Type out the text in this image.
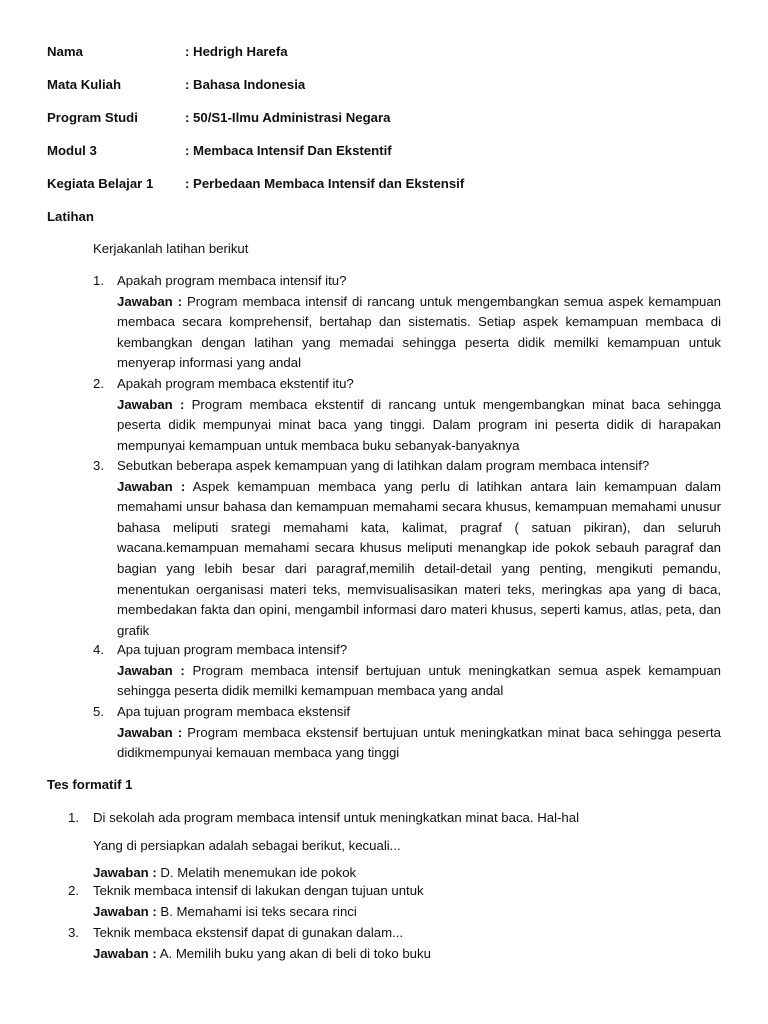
Nama	: Hedrigh Harefa
Mata Kuliah	: Bahasa Indonesia
Program Studi	: 50/S1-Ilmu Administrasi Negara
Modul 3	: Membaca Intensif Dan Ekstentif
Kegiata Belajar 1 : Perbedaan Membaca Intensif dan Ekstensif
Latihan
Kerjakanlah latihan berikut
1. Apakah program membaca intensif itu?
Jawaban : Program membaca intensif di rancang untuk mengembangkan semua aspek kemampuan membaca secara komprehensif, bertahap dan sistematis. Setiap aspek kemampuan membaca di kembangkan dengan latihan yang memadai sehingga peserta didik memilki kemampuan untuk menyerap informasi yang andal
2. Apakah program membaca ekstentif itu?
Jawaban : Program membaca ekstentif di rancang untuk mengembangkan minat baca sehingga peserta didik mempunyai minat baca yang tinggi. Dalam program ini peserta didik di harapakan mempunyai kemampuan untuk membaca buku sebanyak-banyaknya
3. Sebutkan beberapa aspek kemampuan yang di latihkan dalam program membaca intensif?
Jawaban : Aspek kemampuan membaca yang perlu di latihkan antara lain kemampuan dalam memahami unsur bahasa dan kemampuan memahami secara khusus, kemampuan memahami unusur bahasa meliputi srategi memahami kata, kalimat, pragraf ( satuan pikiran), dan seluruh wacana.kemampuan memahami secara khusus meliputi menangkap ide pokok sebauh paragraf dan bagian yang lebih besar dari paragraf,memilih detail-detail yang penting, mengikuti pemandu, menentukan oerganisasi materi teks, memvisualisasikan materi teks, meringkas apa yang di baca, membedakan fakta dan opini, mengambil informasi daro materi khusus, seperti kamus, atlas, peta, dan grafik
4. Apa tujuan program membaca intensif?
Jawaban : Program membaca intensif bertujuan untuk meningkatkan semua aspek kemampuan sehingga peserta didik memilki kemampuan membaca yang andal
5. Apa tujuan program membaca ekstensif
Jawaban : Program membaca ekstensif bertujuan untuk meningkatkan minat baca sehingga peserta didikmempunyai kemauan membaca yang tinggi
Tes formatif 1
1. Di sekolah ada program membaca intensif untuk meningkatkan minat baca. Hal-hal
Yang di persiapkan adalah sebagai berikut, kecuali...
Jawaban : D. Melatih menemukan ide pokok
2. Teknik membaca intensif di lakukan dengan tujuan untuk
Jawaban : B. Memahami isi teks secara rinci
3. Teknik membaca ekstensif dapat di gunakan dalam...
Jawaban : A. Memilih buku yang akan di beli di toko buku
